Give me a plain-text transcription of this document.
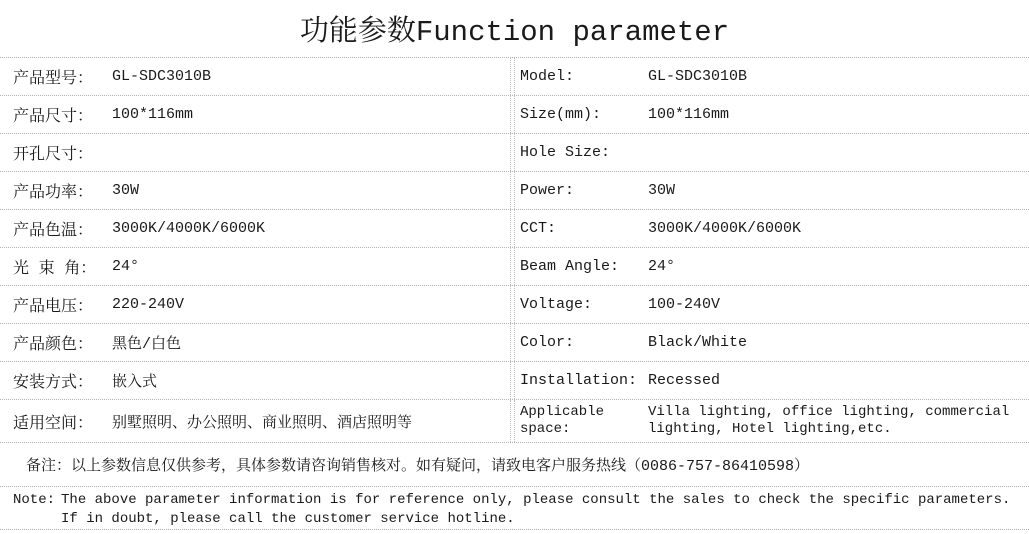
功能参数Function parameter
产品型号：	GL-SDC3010B	Model:	GL-SDC3010B
产品尺寸：	100*116mm	Size(mm):	100*116mm
开孔尺寸：	Hole Size:
产品功率：	30W	Power:	30W
产品色温：	3000K/4000K/6000K	CCT:	3000K/4000K/6000K
光 束 角：	24°	Beam Angle:	24°
产品电压：	220-240V	Voltage:	100-240V
产品颜色：	黑色/白色	Color:	Black/White
安装方式：	嵌入式	Installation: Recessed
适用空间：	别墅照明、办公照明、商业照明、酒店照明等
Applicable space:
Villa lighting, office lighting, commercial lighting, Hotel lighting,etc.
备注： 以上参数信息仅供参考，具体参数请咨询销售核对。如有疑问，请致电客户服务热线（0086-757-86410598）
Note: The above parameter information is for reference only, please consult the sales to check the specific parameters.
If in doubt, please call the customer service hotline.
